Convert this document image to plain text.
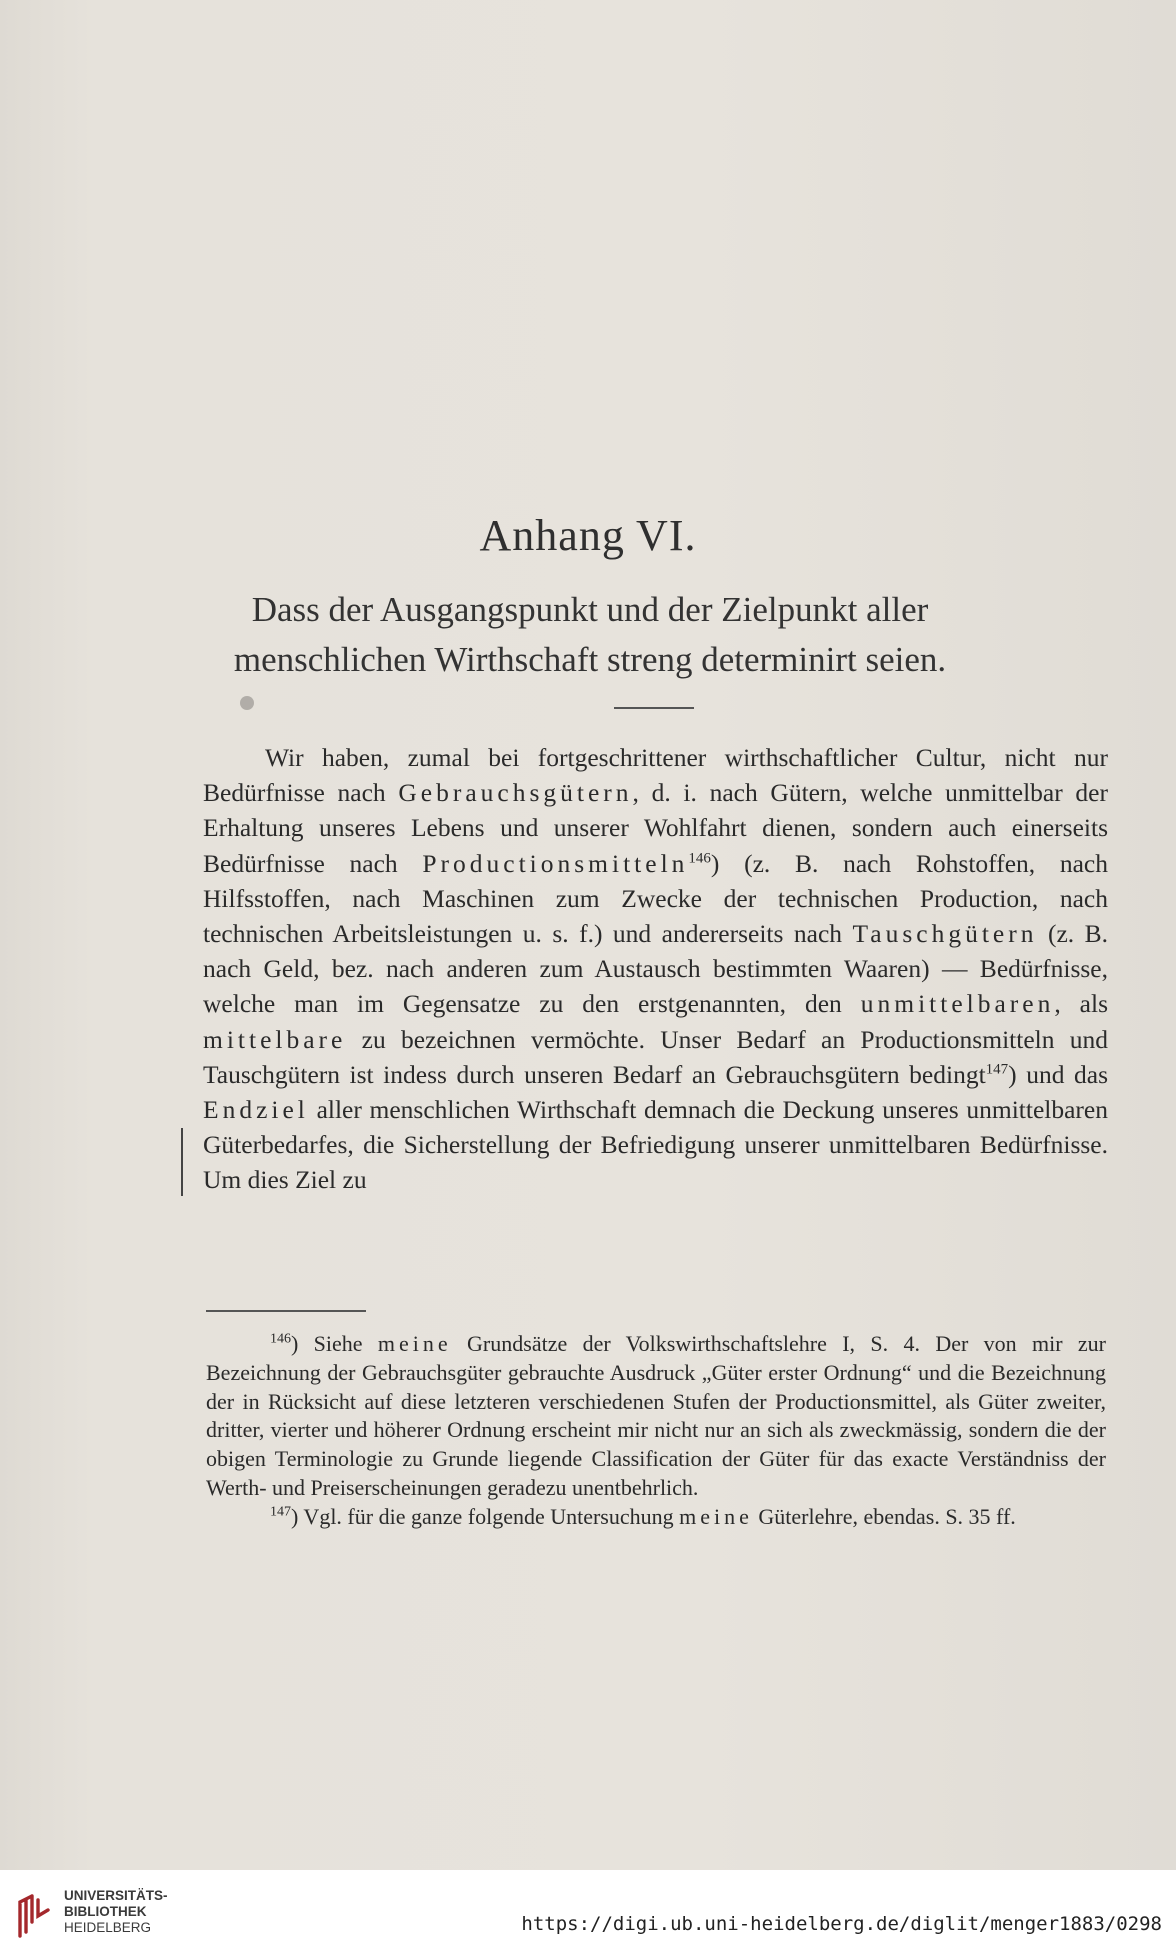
Anhang VI.
Dass der Ausgangspunkt und der Zielpunkt aller
menschlichen Wirthschaft streng determinirt seien.

Wir haben, zumal bei fortgeschrittener wirthschaftlicher Cultur, nicht nur Bedürfnisse nach Gebrauchsgütern, d. i. nach Gütern, welche unmittelbar der Erhaltung unseres Lebens und unserer Wohlfahrt dienen, sondern auch einerseits Bedürfnisse nach Productionsmitteln$^{146}$) (z. B. nach Rohstoffen, nach Hilfsstoffen, nach Maschinen zum Zwecke der technischen Production, nach technischen Arbeitsleistungen u. s. f.) und andererseits nach Tauschgütern (z. B. nach Geld, bez. nach anderen zum Austausch bestimmten Waaren) — Bedürfnisse, welche man im Gegensatze zu den erstgenannten, den unmittelbaren, als mittelbare zu bezeichnen vermöchte. Unser Bedarf an Productionsmitteln und Tauschgütern ist indess durch unseren Bedarf an Gebrauchsgütern bedingt$^{147}$) und das Endziel aller menschlichen Wirthschaft demnach die Deckung unseres unmittelbaren Güterbedarfes, die Sicherstellung der Befriedigung unserer unmittelbaren Bedürfnisse. Um dies Ziel zu

$^{146}$) Siehe meine Grundsätze der Volkswirthschaftslehre I, S. 4. Der von mir zur Bezeichnung der Gebrauchsgüter gebrauchte Ausdruck „Güter erster Ordnung“ und die Bezeichnung der in Rücksicht auf diese letzteren verschiedenen Stufen der Productionsmittel, als Güter zweiter, dritter, vierter und höherer Ordnung erscheint mir nicht nur an sich als zweckmässig, sondern die der obigen Terminologie zu Grunde liegende Classification der Güter für das exacte Verständniss der Werth- und Preiserscheinungen geradezu unentbehrlich.

$^{147}$) Vgl. für die ganze folgende Untersuchung meine Güterlehre, ebendas. S. 35 ff.

UNIVERSITÄTS-
BIBLIOTHEK
HEIDELBERG	https://digi.ub.uni-heidelberg.de/diglit/menger1883/0298
